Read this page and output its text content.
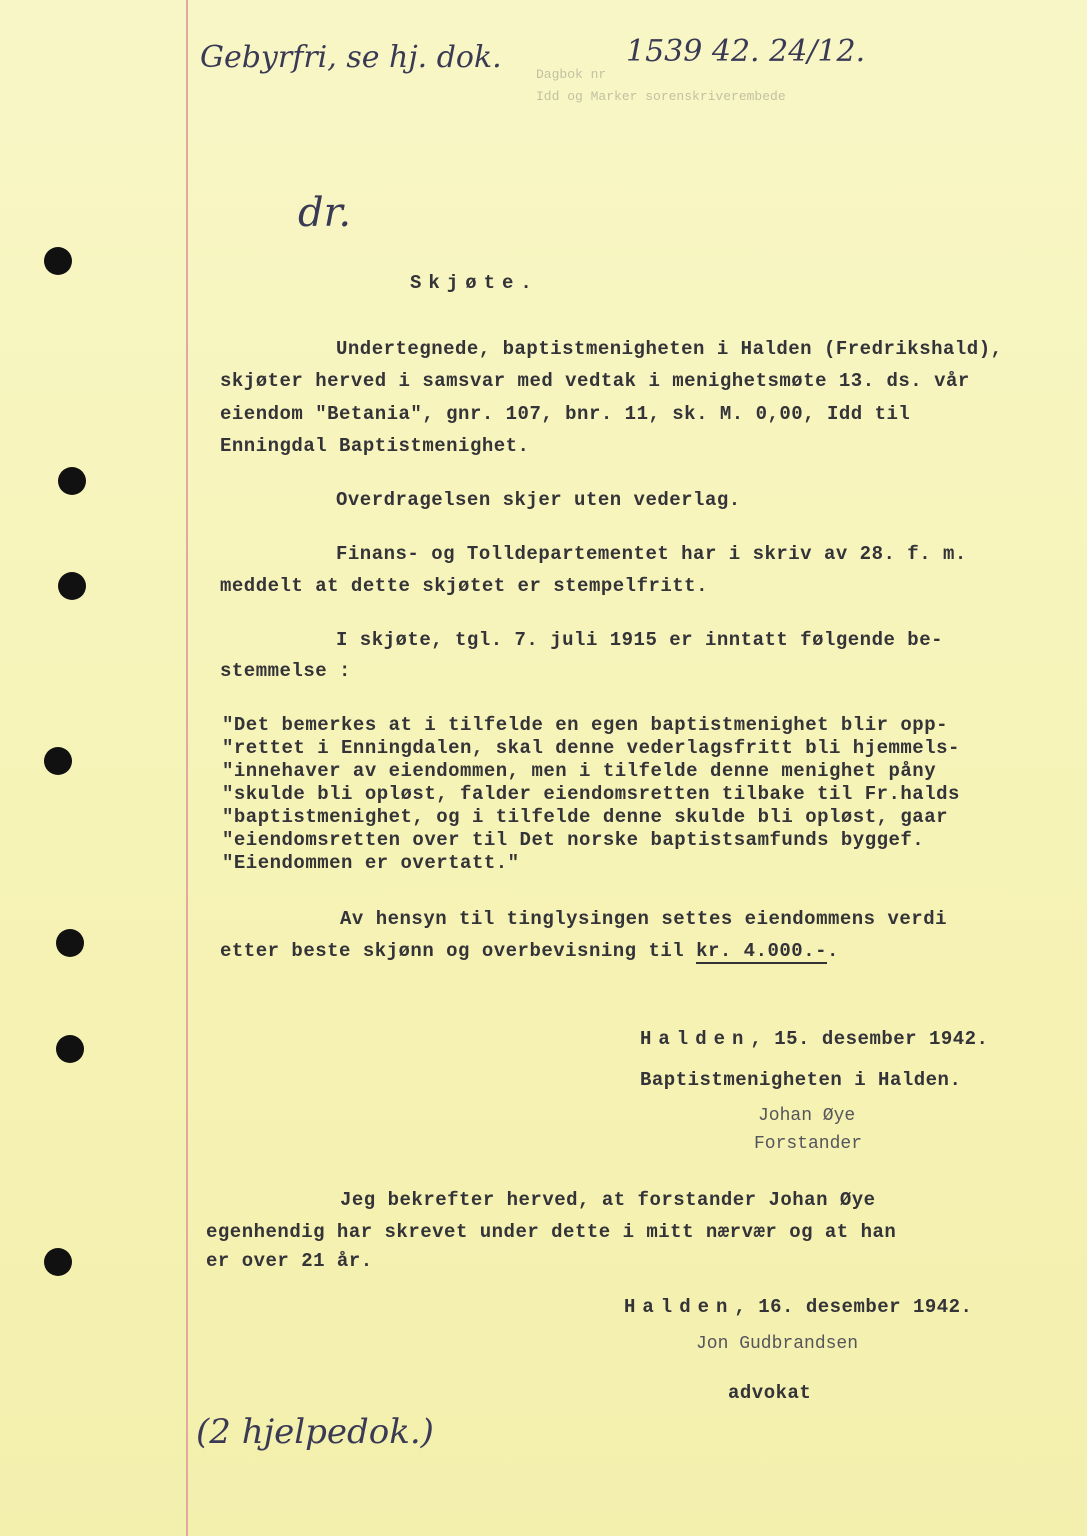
Gebyrfri, se hj. dok.	1539 42. 24/12.
Dagbok nr
Idd og Marker sorenskriverembede
dr.
Skjøte.
Undertegnede, baptistmenigheten i Halden (Fredrikshald),
skjøter herved i samsvar med vedtak i menighetsmøte 13. ds. vår
eiendom "Betania", gnr. 107, bnr. 11, sk. M. 0,00, Idd til
Enningdal Baptistmenighet.
Overdragelsen skjer uten vederlag.
Finans- og Tolldepartementet har i skriv av 28. f. m.
meddelt at dette skjøtet er stempelfritt.
I skjøte, tgl. 7. juli 1915 er inntatt følgende be-
stemmelse :
"Det bemerkes at i tilfelde en egen baptistmenighet blir opp-
"rettet i Enningdalen, skal denne vederlagsfritt bli hjemmels-
"innehaver av eiendommen, men i tilfelde denne menighet påny
"skulde bli opløst, falder eiendomsretten tilbake til Fr.halds
"baptistmenighet, og i tilfelde denne skulde bli opløst, gaar
"eiendomsretten over til Det norske baptistsamfunds byggef.
"Eiendommen er overtatt."
Av hensyn til tinglysingen settes eiendommens verdi
etter beste skjønn og overbevisning til kr. 4.000.-.
Halden, 15. desember 1942.
Baptistmenigheten i Halden.
Johan Øye
Forstander
Jeg bekrefter herved, at forstander Johan Øye
egenhendig har skrevet under dette i mitt nærvær og at han
er over 21 år.
Halden, 16. desember 1942.
Jon Gudbrandsen
advokat
(2 hjelpedok.)
